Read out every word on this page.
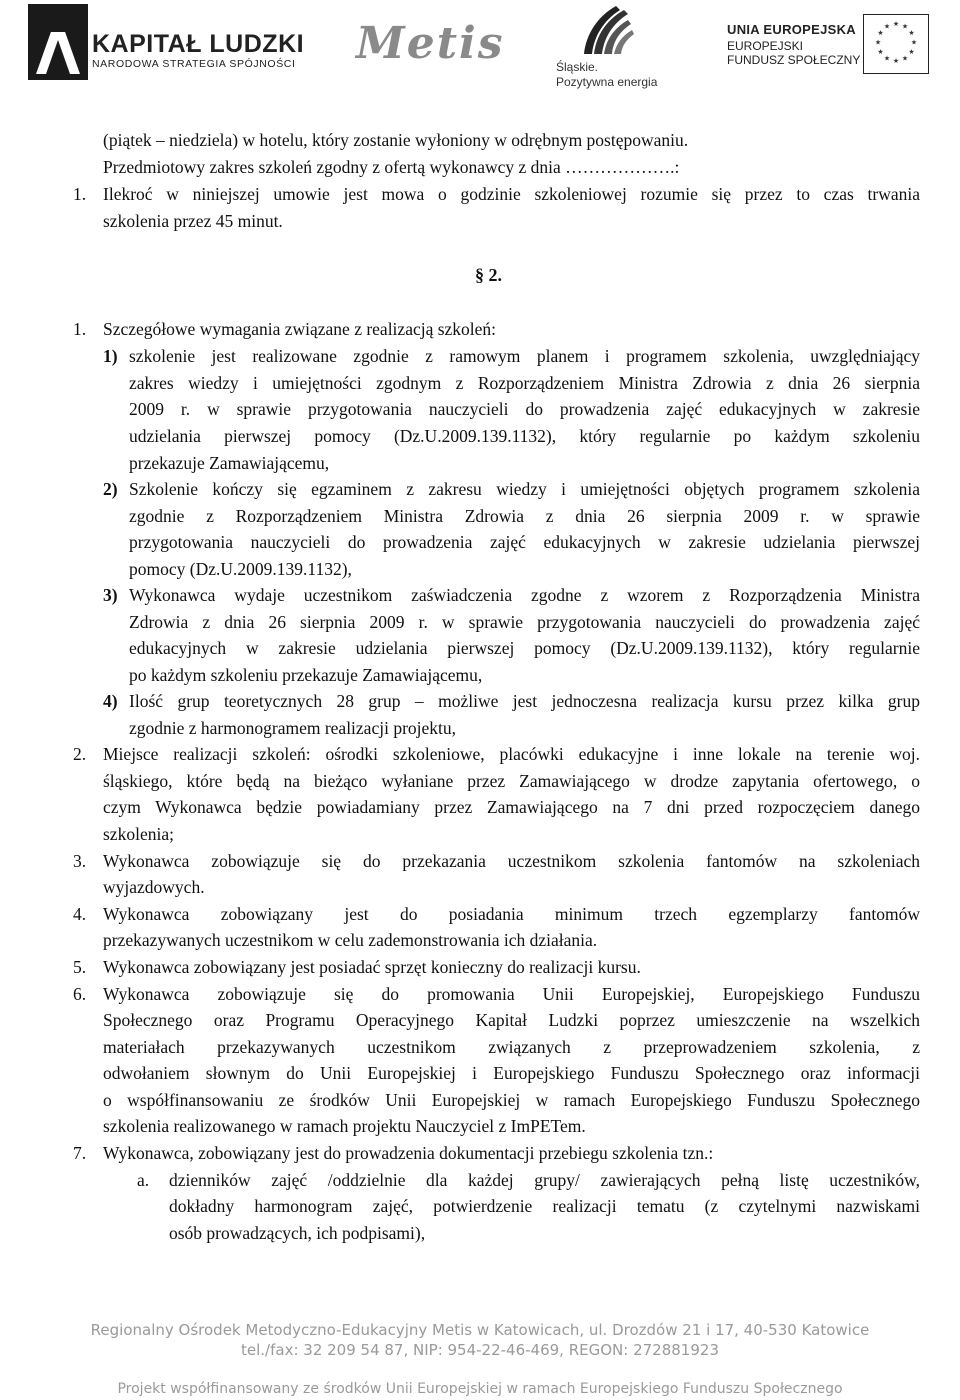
KAPITAŁ LUDZKI
NARODOWA STRATEGIA SPÓJNOŚCI Metis	Śląskie.
Pozytywna energia
UNIA EUROPEJSKA
EUROPEJSKI
FUNDUSZ SPOŁECZNY
★ ★
★
★
★
★
★
★
★
★
★
★
(piątek – niedziela) w hotelu, który zostanie wyłoniony w odrębnym postępowaniu.
Przedmiotowy zakres szkoleń zgodny z ofertą wykonawcy z dnia ……………….:
1. Ilekroć w niniejszej umowie jest mowa o godzinie szkoleniowej rozumie się przez to czas trwania
szkolenia przez 45 minut.
§ 2.
1. Szczegółowe wymagania związane z realizacją szkoleń:
1) szkolenie jest realizowane zgodnie z ramowym planem i programem szkolenia, uwzględniający
zakres wiedzy i umiejętności zgodnym z Rozporządzeniem Ministra Zdrowia z dnia 26 sierpnia
2009 r. w sprawie przygotowania nauczycieli do prowadzenia zajęć edukacyjnych w zakresie
udzielania pierwszej pomocy (Dz.U.2009.139.1132), który regularnie po każdym szkoleniu
przekazuje Zamawiającemu,
2) Szkolenie kończy się egzaminem z zakresu wiedzy i umiejętności objętych programem szkolenia
zgodnie z Rozporządzeniem Ministra Zdrowia z dnia 26 sierpnia 2009 r. w sprawie
przygotowania nauczycieli do prowadzenia zajęć edukacyjnych w zakresie udzielania pierwszej
pomocy (Dz.U.2009.139.1132),
3) Wykonawca wydaje uczestnikom zaświadczenia zgodne z wzorem z Rozporządzenia Ministra
Zdrowia z dnia 26 sierpnia 2009 r. w sprawie przygotowania nauczycieli do prowadzenia zajęć
edukacyjnych w zakresie udzielania pierwszej pomocy (Dz.U.2009.139.1132), który regularnie
po każdym szkoleniu przekazuje Zamawiającemu,
4) Ilość grup teoretycznych 28 grup – możliwe jest jednoczesna realizacja kursu przez kilka grup
zgodnie z harmonogramem realizacji projektu,
2. Miejsce realizacji szkoleń: ośrodki szkoleniowe, placówki edukacyjne i inne lokale na terenie woj.
śląskiego, które będą na bieżąco wyłaniane przez Zamawiającego w drodze zapytania ofertowego, o
czym Wykonawca będzie powiadamiany przez Zamawiającego na 7 dni przed rozpoczęciem danego
szkolenia;
3. Wykonawca zobowiązuje się do przekazania uczestnikom szkolenia fantomów na szkoleniach
wyjazdowych.
4. Wykonawca zobowiązany jest do posiadania minimum trzech egzemplarzy fantomów
przekazywanych uczestnikom w celu zademonstrowania ich działania.
5. Wykonawca zobowiązany jest posiadać sprzęt konieczny do realizacji kursu.
6. Wykonawca zobowiązuje się do promowania Unii Europejskiej, Europejskiego Funduszu
Społecznego oraz Programu Operacyjnego Kapitał Ludzki poprzez umieszczenie na wszelkich
materiałach przekazywanych uczestnikom związanych z przeprowadzeniem szkolenia, z
odwołaniem słownym do Unii Europejskiej i Europejskiego Funduszu Społecznego oraz informacji
o współfinansowaniu ze środków Unii Europejskiej w ramach Europejskiego Funduszu Społecznego
szkolenia realizowanego w ramach projektu Nauczyciel z ImPETem.
7. Wykonawca, zobowiązany jest do prowadzenia dokumentacji przebiegu szkolenia tzn.:
a. dzienników zajęć /oddzielnie dla każdej grupy/ zawierających pełną listę uczestników,
dokładny harmonogram zajęć, potwierdzenie realizacji tematu (z czytelnymi nazwiskami
osób prowadzących, ich podpisami),
Regionalny Ośrodek Metodyczno-Edukacyjny Metis w Katowicach, ul. Drozdów 21 i 17, 40-530 Katowice
tel./fax: 32 209 54 87, NIP: 954-22-46-469, REGON: 272881923
Projekt współfinansowany ze środków Unii Europejskiej w ramach Europejskiego Funduszu Społecznego
